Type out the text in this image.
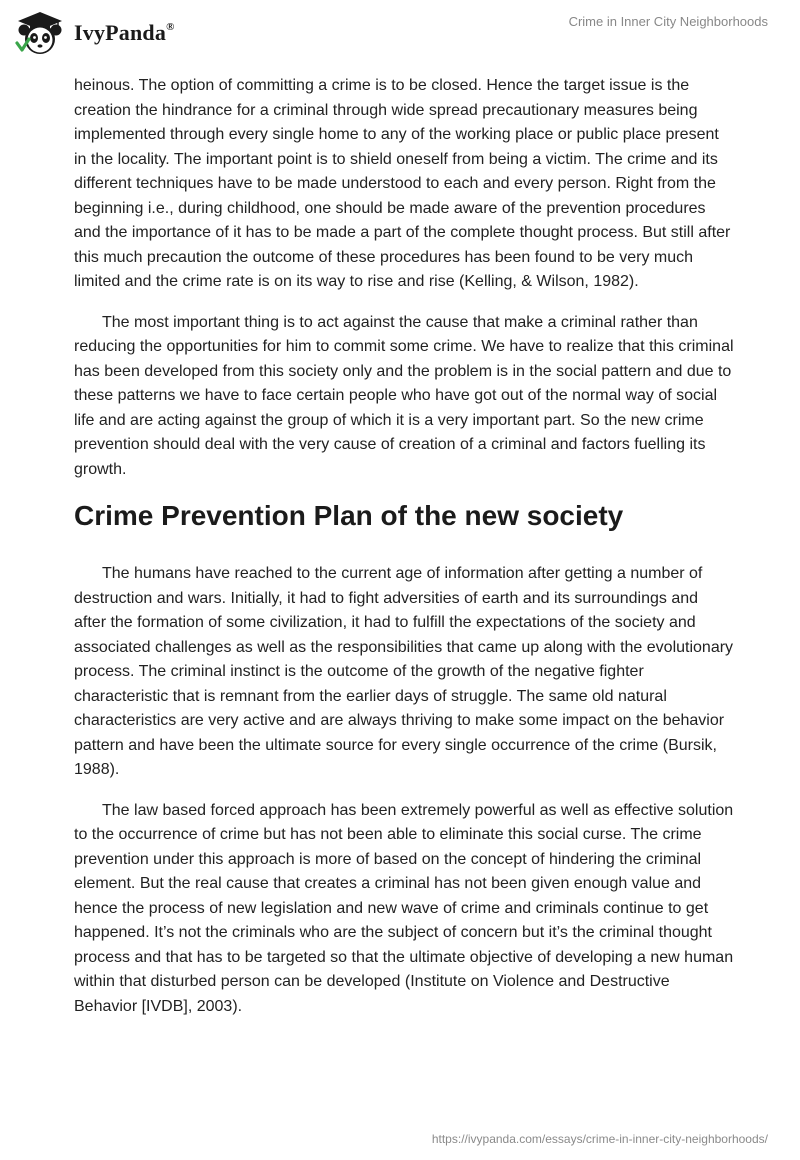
IvyPanda®	Crime in Inner City Neighborhoods

heinous. The option of committing a crime is to be closed. Hence the target issue is the creation the hindrance for a criminal through wide spread precautionary measures being implemented through every single home to any of the working place or public place present in the locality. The important point is to shield oneself from being a victim. The crime and its different techniques have to be made understood to each and every person. Right from the beginning i.e., during childhood, one should be made aware of the prevention procedures and the importance of it has to be made a part of the complete thought process. But still after this much precaution the outcome of these procedures has been found to be very much limited and the crime rate is on its way to rise and rise (Kelling, & Wilson, 1982).

The most important thing is to act against the cause that make a criminal rather than reducing the opportunities for him to commit some crime. We have to realize that this criminal has been developed from this society only and the problem is in the social pattern and due to these patterns we have to face certain people who have got out of the normal way of social life and are acting against the group of which it is a very important part. So the new crime prevention should deal with the very cause of creation of a criminal and factors fuelling its growth.

Crime Prevention Plan of the new society

The humans have reached to the current age of information after getting a number of destruction and wars. Initially, it had to fight adversities of earth and its surroundings and after the formation of some civilization, it had to fulfill the expectations of the society and associated challenges as well as the responsibilities that came up along with the evolutionary process. The criminal instinct is the outcome of the growth of the negative fighter characteristic that is remnant from the earlier days of struggle. The same old natural characteristics are very active and are always thriving to make some impact on the behavior pattern and have been the ultimate source for every single occurrence of the crime (Bursik, 1988).

The law based forced approach has been extremely powerful as well as effective solution to the occurrence of crime but has not been able to eliminate this social curse. The crime prevention under this approach is more of based on the concept of hindering the criminal element. But the real cause that creates a criminal has not been given enough value and hence the process of new legislation and new wave of crime and criminals continue to get happened. It’s not the criminals who are the subject of concern but it’s the criminal thought process and that has to be targeted so that the ultimate objective of developing a new human within that disturbed person can be developed (Institute on Violence and Destructive Behavior [IVDB], 2003).

https://ivypanda.com/essays/crime-in-inner-city-neighborhoods/
